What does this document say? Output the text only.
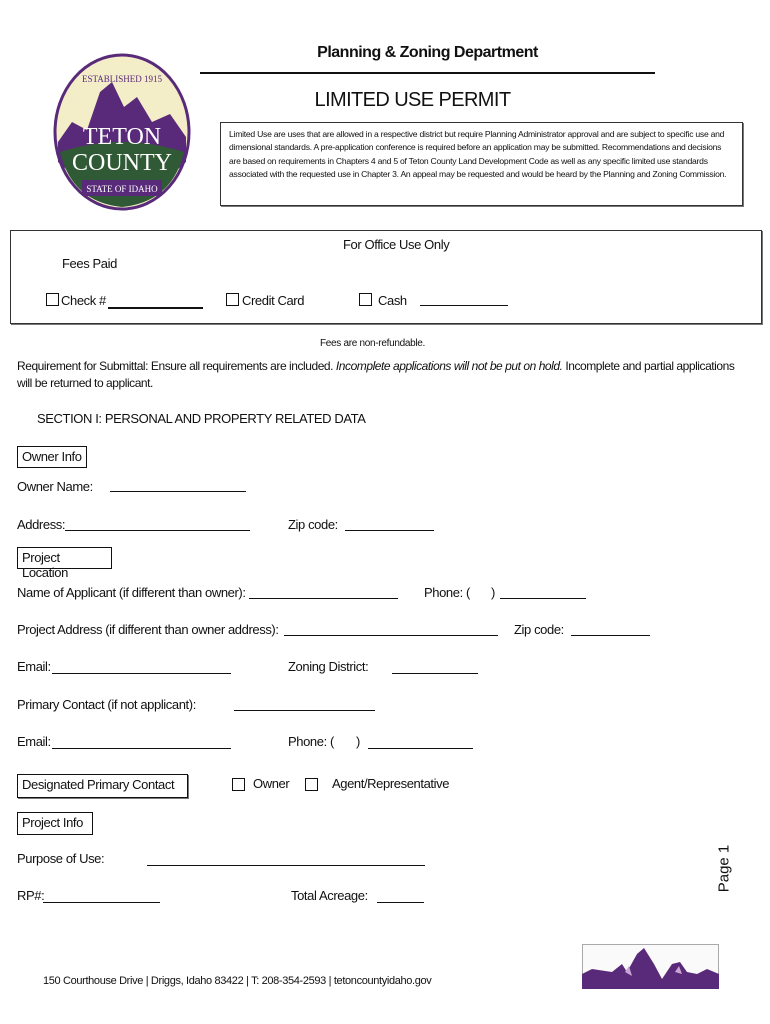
ESTABLISHED 1915
TETON
COUNTY
STATE OF IDAHO
Planning & Zoning Department
LIMITED USE PERMIT
Limited Use are uses that are allowed in a respective district but require Planning Administrator approval and are subject to specific use and dimensional standards. A pre-application conference is required before an application may be submitted. Recommendations and decisions are based on requirements in Chapters 4 and 5 of Teton County Land Development Code as well as any specific limited use standards associated with the requested use in Chapter 3. An appeal may be requested and would be heard by the Planning and Zoning Commission.
For Office Use Only
Fees Paid
Check #	Credit Card	Cash
Fees are non-refundable.
Requirement for Submittal: Ensure all requirements are included. Incomplete applications will not be put on hold. Incomplete and partial applications
will be returned to applicant.
SECTION I: PERSONAL AND PROPERTY RELATED DATA
Owner Info
Owner Name:
Address:	Zip code:
Project Location
Name of Applicant (if different than owner):	Phone: ( )
Project Address (if different than owner address):	Zip code:
Email:	Zoning District:
Primary Contact (if not applicant):
Email:	Phone: ( )
Designated Primary Contact	Owner	Agent/Representative
Project Info
Purpose of Use:
RP#:	Total Acreage:
Page 1
150 Courthouse Drive | Driggs, Idaho 83422 | T: 208-354-2593 | tetoncountyidaho.gov
